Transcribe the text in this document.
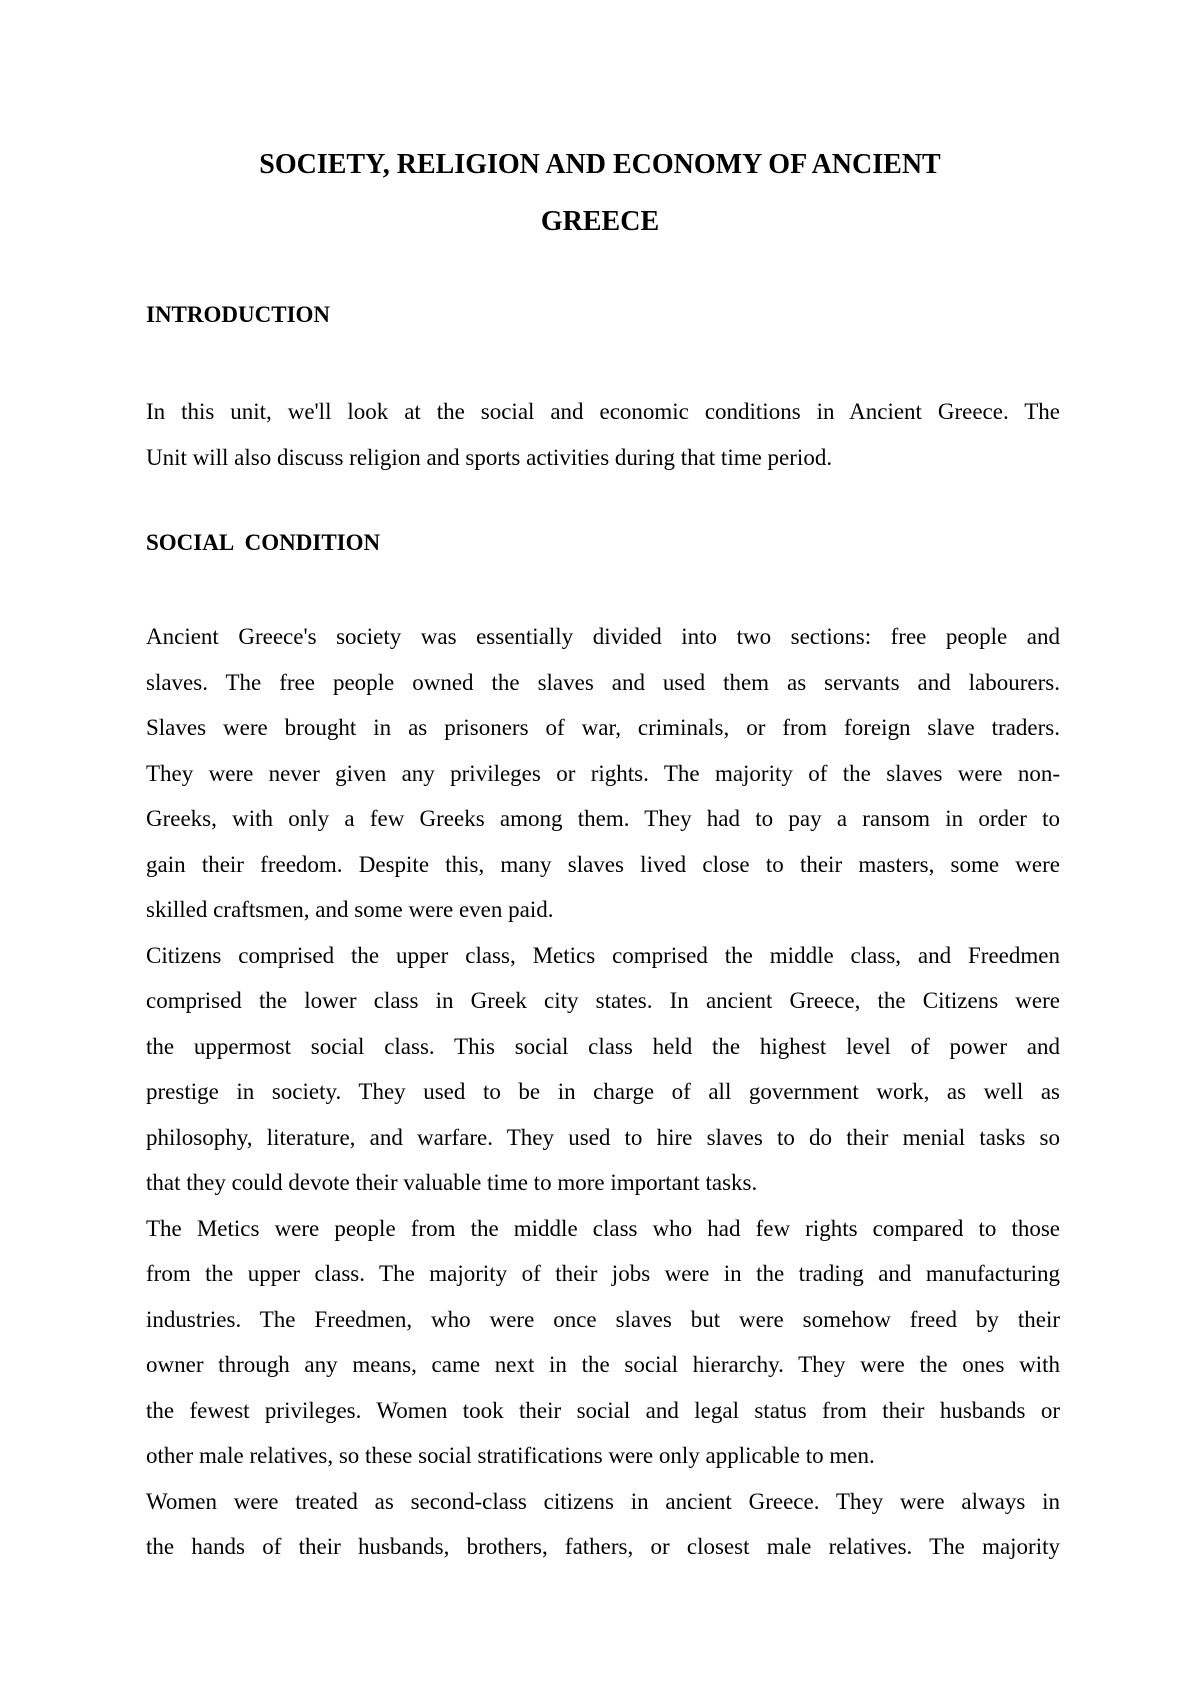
SOCIETY, RELIGION AND ECONOMY OF ANCIENT
GREECE
INTRODUCTION
In this unit, we'll look at the social and economic conditions in Ancient Greece. The
Unit will also discuss religion and sports activities during that time period.
SOCIAL CONDITION
Ancient Greece's society was essentially divided into two sections: free people and
slaves. The free people owned the slaves and used them as servants and labourers.
Slaves were brought in as prisoners of war, criminals, or from foreign slave traders.
They were never given any privileges or rights. The majority of the slaves were non-
Greeks, with only a few Greeks among them. They had to pay a ransom in order to
gain their freedom. Despite this, many slaves lived close to their masters, some were
skilled craftsmen, and some were even paid.
Citizens comprised the upper class, Metics comprised the middle class, and Freedmen
comprised the lower class in Greek city states. In ancient Greece, the Citizens were
the uppermost social class. This social class held the highest level of power and
prestige in society. They used to be in charge of all government work, as well as
philosophy, literature, and warfare. They used to hire slaves to do their menial tasks so
that they could devote their valuable time to more important tasks.
The Metics were people from the middle class who had few rights compared to those
from the upper class. The majority of their jobs were in the trading and manufacturing
industries. The Freedmen, who were once slaves but were somehow freed by their
owner through any means, came next in the social hierarchy. They were the ones with
the fewest privileges. Women took their social and legal status from their husbands or
other male relatives, so these social stratifications were only applicable to men.
Women were treated as second-class citizens in ancient Greece. They were always in
the hands of their husbands, brothers, fathers, or closest male relatives. The majority
